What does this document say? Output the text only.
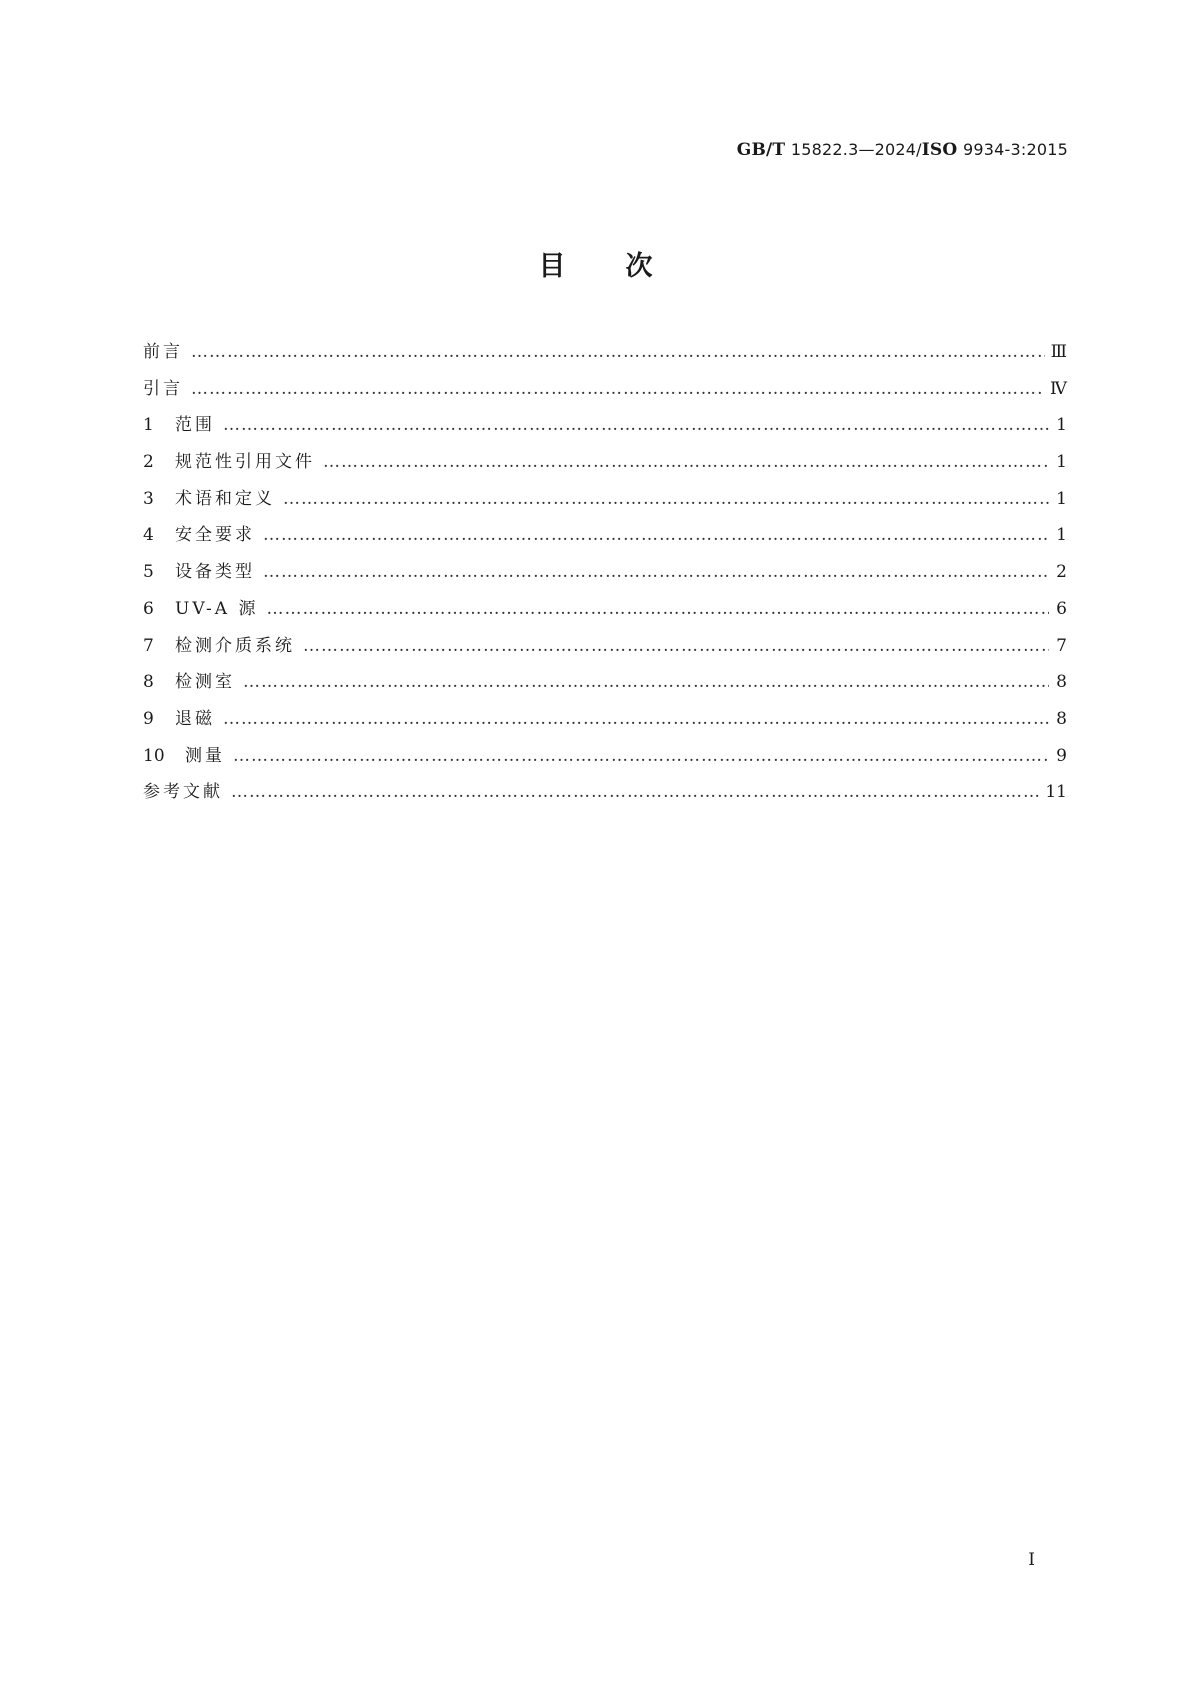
GB/T 15822.3—2024/ISO 9934-3:2015
目次
前言 ………………………………………………………………………………………………………………………………………………………………………………	Ⅲ
引言 ………………………………………………………………………………………………………………………………………………………………………………	Ⅳ
1	范围 ………………………………………………………………………………………………………………………………………………………………………………	1
2	规范性引用文件 ………………………………………………………………………………………………………………………………………………………………………………	1
3	术语和定义 ………………………………………………………………………………………………………………………………………………………………………………	1
4	安全要求 ………………………………………………………………………………………………………………………………………………………………………………	1
5	设备类型 ………………………………………………………………………………………………………………………………………………………………………………	2
6	UV-A 源 ………………………………………………………………………………………………………………………………………………………………………………	6
7	检测介质系统 ………………………………………………………………………………………………………………………………………………………………………………	7
8	检测室 ………………………………………………………………………………………………………………………………………………………………………………	8
9	退磁 ………………………………………………………………………………………………………………………………………………………………………………	8
10	测量 ………………………………………………………………………………………………………………………………………………………………………………	9
参考文献 ………………………………………………………………………………………………………………………………………………………………………………	11
Ⅰ
